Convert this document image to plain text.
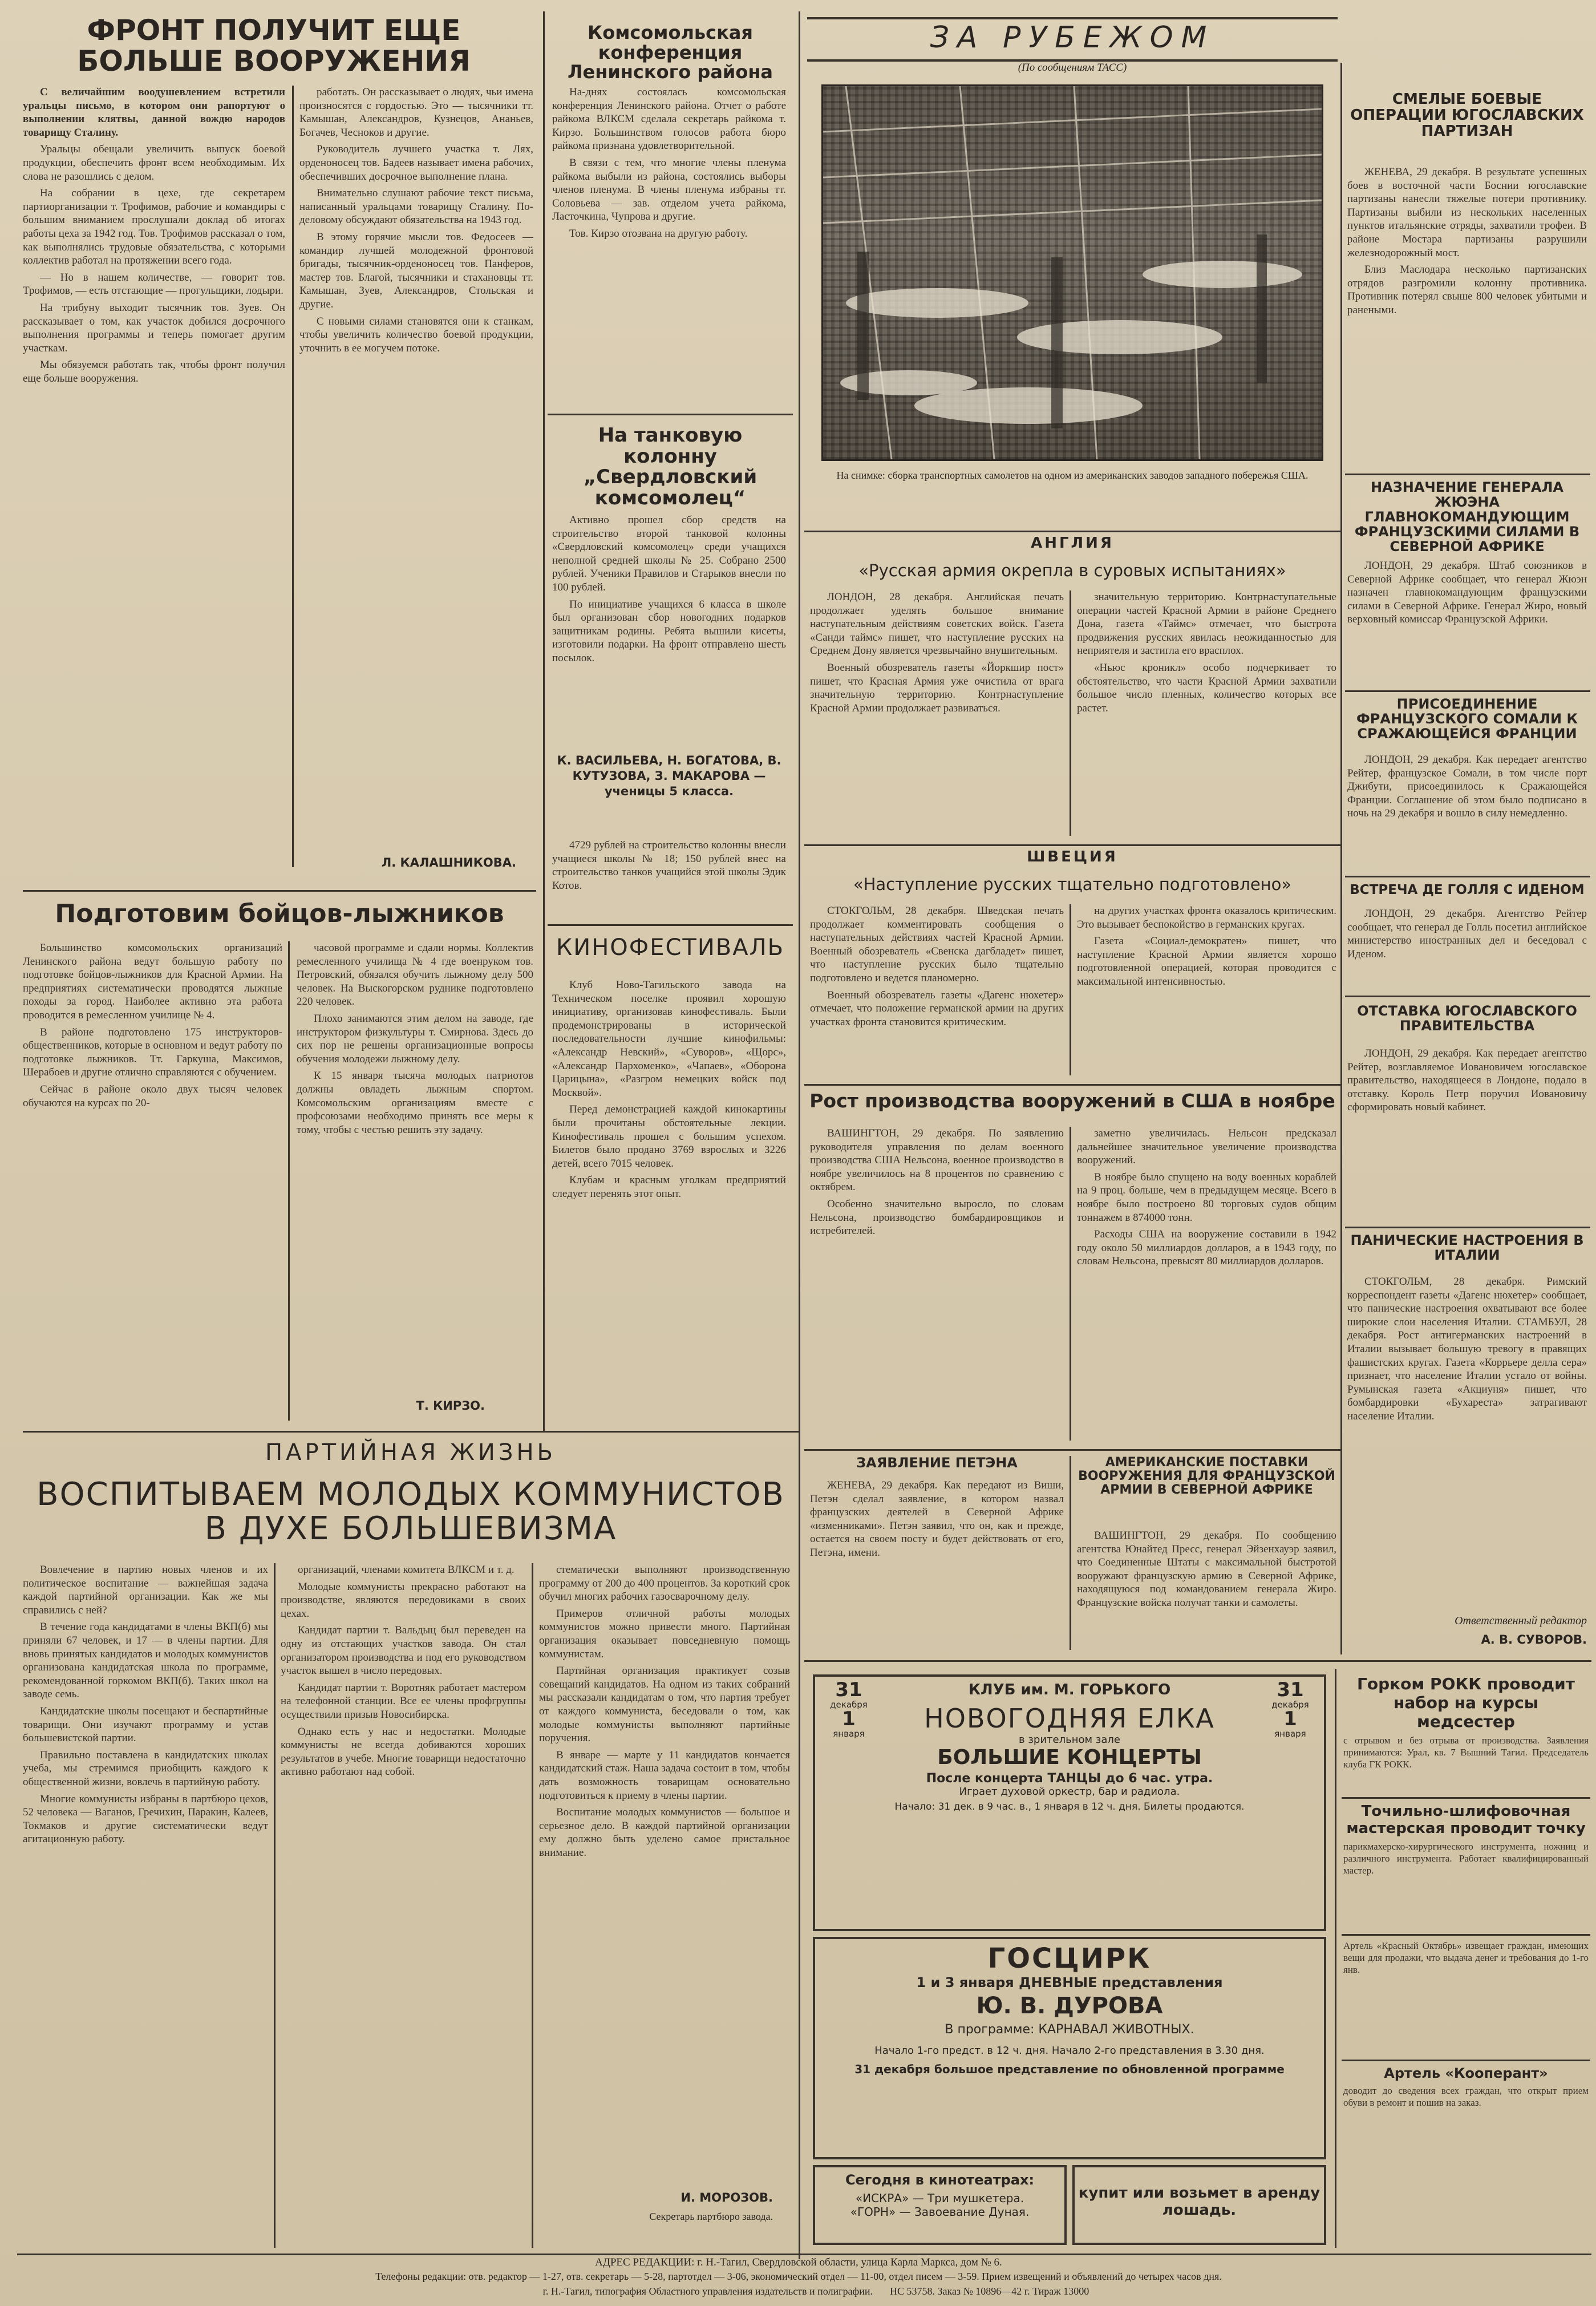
ФРОНТ ПОЛУЧИТ ЕЩЕ БОЛЬШЕ ВООРУЖЕНИЯ

С величайшим воодушевлением встретили уральцы письмо, в котором они рапортуют о выполнении клятвы, данной вождю народов товарищу Сталину.

Уральцы обещали увеличить выпуск боевой продукции, обеспечить фронт всем необходимым. Их слова не разошлись с делом.

На собрании в цехе, где секретарем партиорганизации т. Трофимов, рабочие и командиры с большим вниманием прослушали доклад об итогах работы цеха за 1942 год. Тов. Трофимов рассказал о том, как выполнялись трудовые обязательства, с которыми коллектив работал на протяжении всего года.

— Но в нашем количестве, — говорит тов. Трофимов, — есть отстающие — прогульщики, лодыри.

На трибуну выходит тысячник тов. Зуев. Он рассказывает о том, как участок добился досрочного выполнения программы и теперь помогает другим участкам.

Мы обязуемся работать так, чтобы фронт получил еще больше вооружения.

работать. Он рассказывает о людях, чьи имена произносятся с гордостью. Это — тысячники тт. Камышан, Александров, Кузнецов, Ананьев, Богачев, Чесноков и другие.

Руководитель лучшего участка т. Лях, орденоносец тов. Бадеев называет имена рабочих, обеспечивших досрочное выполнение плана.

Внимательно слушают рабочие текст письма, написанный уральцами товарищу Сталину. По-деловому обсуждают обязательства на 1943 год.

В этому горячие мысли тов. Федосеев — командир лучшей молодежной фронтовой бригады, тысячник-орденоносец тов. Панферов, мастер тов. Благой, тысячники и стахановцы тт. Камышан, Зуев, Александров, Стольская и другие.

С новыми силами становятся они к станкам, чтобы увеличить количество боевой продукции, уточнить в ее могучем потоке.

Л. КАЛАШНИКОВА.
Подготовим бойцов-лыжников

Большинство комсомольских организаций Ленинского района ведут большую работу по подготовке бойцов-лыжников для Красной Армии. На предприятиях систематически проводятся лыжные походы за город. Наиболее активно эта работа проводится в ремесленном училище № 4.

В районе подготовлено 175 инструкторов-общественников, которые в основном и ведут работу по подготовке лыжников. Тт. Гаркуша, Максимов, Шерабоев и другие отлично справляются с обучением.

Сейчас в районе около двух тысяч человек обучаются на курсах по 20-

часовой программе и сдали нормы. Коллектив ремесленного училища № 4 где военруком тов. Петровский, обязался обучить лыжному делу 500 человек. На Выскогорском руднике подготовлено 220 человек.

Плохо занимаются этим делом на заводе, где инструктором физкультуры т. Смирнова. Здесь до сих пор не решены организационные вопросы обучения молодежи лыжному делу.

К 15 января тысяча молодых патриотов должны овладеть лыжным спортом. Комсомольским организациям вместе с профсоюзами необходимо принять все меры к тому, чтобы с честью решить эту задачу.

Т. КИРЗО.
Комсомольская конференция Ленинского района

На-днях состоялась комсомольская конференция Ленинского района. Отчет о работе райкома ВЛКСМ сделала секретарь райкома т. Кирзо. Большинством голосов работа бюро райкома признана удовлетворительной.

В связи с тем, что многие члены пленума райкома выбыли из района, состоялись выборы членов пленума. В члены пленума избраны тт. Соловьева — зав. отделом учета райкома, Ласточкина, Чупрова и другие.

Тов. Кирзо отозвана на другую работу.

На танковую колонну „Свердловский комсомолец“

Активно прошел сбор средств на строительство второй танковой колонны «Свердловский комсомолец» среди учащихся неполной средней школы № 25. Собрано 2500 рублей. Ученики Правилов и Старыков внесли по 100 рублей.

По инициативе учащихся 6 класса в школе был организован сбор новогодних подарков защитникам родины. Ребята вышили кисеты, изготовили подарки. На фронт отправлено шесть посылок.

К. ВАСИЛЬЕВА, Н. БОГАТОВА, В. КУТУЗОВА, З. МАКАРОВА — ученицы 5 класса.

4729 рублей на строительство колонны внесли учащиеся школы № 18; 150 рублей внес на строительство танков учащийся этой школы Эдик Котов.

КИНОФЕСТИВАЛЬ

Клуб Ново-Тагильского завода на Техническом поселке проявил хорошую инициативу, организовав кинофестиваль. Были продемонстрированы в исторической последовательности лучшие кинофильмы: «Александр Невский», «Суворов», «Щорс», «Александр Пархоменко», «Чапаев», «Оборона Царицына», «Разгром немецких войск под Москвой».

Перед демонстрацией каждой кинокартины были прочитаны обстоятельные лекции. Кинофестиваль прошел с большим успехом. Билетов было продано 3769 взрослых и 3226 детей, всего 7015 человек.

Клубам и красным уголкам предприятий следует перенять этот опыт.

ПАРТИЙНАЯ ЖИЗНЬ
ВОСПИТЫВАЕМ МОЛОДЫХ КОММУНИСТОВ В ДУХЕ БОЛЬШЕВИЗМА

Вовлечение в партию новых членов и их политическое воспитание — важнейшая задача каждой партийной организации. Как же мы справились с ней?

В течение года кандидатами в члены ВКП(б) мы приняли 67 человек, и 17 — в члены партии. Для вновь принятых кандидатов и молодых коммунистов организована кандидатская школа по программе, рекомендованной горкомом ВКП(б). Таких школ на заводе семь.

Кандидатские школы посещают и беспартийные товарищи. Они изучают программу и устав большевистской партии.

Правильно поставлена в кандидатских школах учеба, мы стремимся приобщить каждого к общественной жизни, вовлечь в партийную работу.

Многие коммунисты избраны в партбюро цехов, 52 человека — Ваганов, Гречихин, Паракин, Калеев, Токмаков и другие систематически ведут агитационную работу.

организаций, членами комитета ВЛКСМ и т. д.

Молодые коммунисты прекрасно работают на производстве, являются передовиками в своих цехах.

Кандидат партии т. Вальдыц был переведен на одну из отстающих участков завода. Он стал организатором производства и под его руководством участок вышел в число передовых.

Кандидат партии т. Воротняк работает мастером на телефонной станции. Все ее члены профгруппы осуществили призыв Новосибирска.

Однако есть у нас и недостатки. Молодые коммунисты не всегда добиваются хороших результатов в учебе. Многие товарищи недостаточно активно работают над собой.

стематически выполняют производственную программу от 200 до 400 процентов. За короткий срок обучил многих рабочих газосварочному делу.

Примеров отличной работы молодых коммунистов можно привести много. Партийная организация оказывает повседневную помощь коммунистам.

Партийная организация практикует созыв совещаний кандидатов. На одном из таких собраний мы рассказали кандидатам о том, что партия требует от каждого коммуниста, беседовали о том, как молодые коммунисты выполняют партийные поручения.

В январе — марте у 11 кандидатов кончается кандидатский стаж. Наша задача состоит в том, чтобы дать возможность товарищам основательно подготовиться к приему в члены партии.

Воспитание молодых коммунистов — большое и серьезное дело. В каждой партийной организации ему должно быть уделено самое пристальное внимание.

И. МОРОЗОВ.
Секретарь партбюро завода.
ЗА РУБЕЖОМ
(По сообщениям ТАСС)
На снимке: сборка транспортных самолетов на одном из американских заводов западного побережья США.
АНГЛИЯ
«Русская армия окрепла в суровых испытаниях»

ЛОНДОН, 28 декабря. Английская печать продолжает уделять большое внимание наступательным действиям советских войск. Газета «Санди таймс» пишет, что наступление русских на Среднем Дону является чрезвычайно внушительным.

Военный обозреватель газеты «Йоркшир пост» пишет, что Красная Армия уже очистила от врага значительную территорию. Контрнаступление Красной Армии продолжает развиваться.

значительную территорию. Контрнаступательные операции частей Красной Армии в районе Среднего Дона, газета «Таймс» отмечает, что быстрота продвижения русских явилась неожиданностью для неприятеля и застигла его врасплох.

«Ньюс кроникл» особо подчеркивает то обстоятельство, что части Красной Армии захватили большое число пленных, количество которых все растет.

ШВЕЦИЯ
«Наступление русских тщательно подготовлено»

СТОКГОЛЬМ, 28 декабря. Шведская печать продолжает комментировать сообщения о наступательных действиях частей Красной Армии. Военный обозреватель «Свенска дагбладет» пишет, что наступление русских было тщательно подготовлено и ведется планомерно.

Военный обозреватель газеты «Дагенс нюхетер» отмечает, что положение германской армии на других участках фронта становится критическим.

на других участках фронта оказалось критическим. Это вызывает беспокойство в германских кругах.

Газета «Социал-демократен» пишет, что наступление Красной Армии является хорошо подготовленной операцией, которая проводится с максимальной интенсивностью.

Рост производства вооружений в США в ноябре

ВАШИНГТОН, 29 декабря. По заявлению руководителя управления по делам военного производства США Нельсона, военное производство в ноябре увеличилось на 8 процентов по сравнению с октябрем.

Особенно значительно выросло, по словам Нельсона, производство бомбардировщиков и истребителей.

заметно увеличилась. Нельсон предсказал дальнейшее значительное увеличение производства вооружений.

В ноябре было спущено на воду военных кораблей на 9 проц. больше, чем в предыдущем месяце. Всего в ноябре было построено 80 торговых судов общим тоннажем в 874000 тонн.

Расходы США на вооружение составили в 1942 году около 50 миллиардов долларов, а в 1943 году, по словам Нельсона, превысят 80 миллиардов долларов.

ЗАЯВЛЕНИЕ ПЕТЭНА

ЖЕНЕВА, 29 декабря. Как передают из Виши, Петэн сделал заявление, в котором назвал французских деятелей в Северной Африке «изменниками». Петэн заявил, что он, как и прежде, остается на своем посту и будет действовать от его, Петэна, имени.

АМЕРИКАНСКИЕ ПОСТАВКИ ВООРУЖЕНИЯ ДЛЯ ФРАНЦУЗСКОЙ АРМИИ В СЕВЕРНОЙ АФРИКЕ

ВАШИНГТОН, 29 декабря. По сообщению агентства Юнайтед Пресс, генерал Эйзенхауэр заявил, что Соединенные Штаты с максимальной быстротой вооружают французскую армию в Северной Африке, находящуюся под командованием генерала Жиро. Французские войска получат танки и самолеты.

СМЕЛЫЕ БОЕВЫЕ ОПЕРАЦИИ ЮГОСЛАВСКИХ ПАРТИЗАН

ЖЕНЕВА, 29 декабря. В результате успешных боев в восточной части Боснии югославские партизаны нанесли тяжелые потери противнику. Партизаны выбили из нескольких населенных пунктов итальянские отряды, захватили трофеи. В районе Мостара партизаны разрушили железнодорожный мост.

Близ Маслодара несколько партизанских отрядов разгромили колонну противника. Противник потерял свыше 800 человек убитыми и ранеными.

НАЗНАЧЕНИЕ ГЕНЕРАЛА ЖЮЭНА ГЛАВНОКОМАНДУЮЩИМ ФРАНЦУЗСКИМИ СИЛАМИ В СЕВЕРНОЙ АФРИКЕ

ЛОНДОН, 29 декабря. Штаб союзников в Северной Африке сообщает, что генерал Жюэн назначен главнокомандующим французскими силами в Северной Африке. Генерал Жиро, новый верховный комиссар Французской Африки.

ПРИСОЕДИНЕНИЕ ФРАНЦУЗСКОГО СОМАЛИ К СРАЖАЮЩЕЙСЯ ФРАНЦИИ

ЛОНДОН, 29 декабря. Как передает агентство Рейтер, французское Сомали, в том числе порт Джибути, присоединилось к Сражающейся Франции. Соглашение об этом было подписано в ночь на 29 декабря и вошло в силу немедленно.

ВСТРЕЧА ДЕ ГОЛЛЯ С ИДЕНОМ

ЛОНДОН, 29 декабря. Агентство Рейтер сообщает, что генерал де Голль посетил английское министерство иностранных дел и беседовал с Иденом.

ОТСТАВКА ЮГОСЛАВСКОГО ПРАВИТЕЛЬСТВА

ЛОНДОН, 29 декабря. Как передает агентство Рейтер, возглавляемое Иовановичем югославское правительство, находящееся в Лондоне, подало в отставку. Король Петр поручил Иовановичу сформировать новый кабинет.

ПАНИЧЕСКИЕ НАСТРОЕНИЯ В ИТАЛИИ

СТОКГОЛЬМ, 28 декабря. Римский корреспондент газеты «Дагенс нюхетер» сообщает, что панические настроения охватывают все более широкие слои населения Италии. СТАМБУЛ, 28 декабря. Рост антигерманских настроений в Италии вызывает большую тревогу в правящих фашистских кругах. Газета «Коррьере делла сера» признает, что население Италии устало от войны. Румынская газета «Акциуня» пишет, что бомбардировки «Бухареста» затрагивают население Италии.

Ответственный редактор
А. В. СУВОРОВ.
КЛУБ им. М. ГОРЬКОГО
31
декабря
1
января
31
декабря
1
января
НОВОГОДНЯЯ ЕЛКА
в зрительном зале
БОЛЬШИЕ КОНЦЕРТЫ
После концерта ТАНЦЫ до 6 час. утра.
Играет духовой оркестр, бар и радиола.
Начало: 31 дек. в 9 час. в., 1 января в 12 ч. дня. Билеты продаются.
ГОСЦИРК
1 и 3 января ДНЕВНЫЕ представления
Ю. В. ДУРОВА
В программе: КАРНАВАЛ ЖИВОТНЫХ.
Начало 1-го предст. в 12 ч. дня. Начало 2-го представления в 3.30 дня.
31 декабря большое представление по обновленной программе
Сегодня в кинотеатрах:
«ИСКРА» — Три мушкетера.
«ГОРН» — Завоевание Дуная.
купит или возьмет в аренду лошадь.
Горком РОКК проводит набор на курсы медсестер
с отрывом и без отрыва от производства. Заявления принимаются: Урал, кв. 7 Вышний Тагил. Председатель клуба ГК РОКК.
Точильно-шлифовочная мастерская проводит точку
парикмахерско-хирургического инструмента, ножниц и различного инструмента. Работает квалифицированный мастер.
Артель «Красный Октябрь» извещает граждан, имеющих вещи для продажи, что выдача денег и требования до 1-го янв.
Артель «Кооперант»
доводит до сведения всех граждан, что открыт прием обуви в ремонт и пошив на заказ.
АДРЕС РЕДАКЦИИ: г. Н.-Тагил, Свердловской области, улица Карла Маркса, дом № 6.
Телефоны редакции: отв. редактор — 1-27, отв. секретарь — 5-28, партотдел — 3-06, экономический отдел — 11-00, отдел писем — 3-59. Прием извещений и объявлений до четырех часов дня.
г. Н.-Тагил, типография Областного управления издательств и полиграфии. НС 53758. Заказ № 10896—42 г. Тираж 13000
